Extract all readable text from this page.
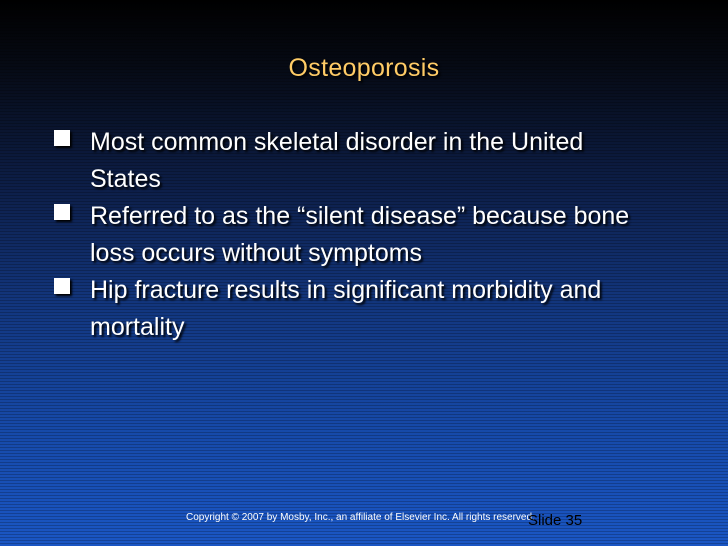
Osteoporosis
Most common skeletal disorder in the United States
Referred to as the “silent disease” because bone loss occurs without symptoms
Hip fracture results in significant morbidity and mortality
Copyright © 2007 by Mosby, Inc., an affiliate of Elsevier Inc. All rights reserved.
Slide 35
